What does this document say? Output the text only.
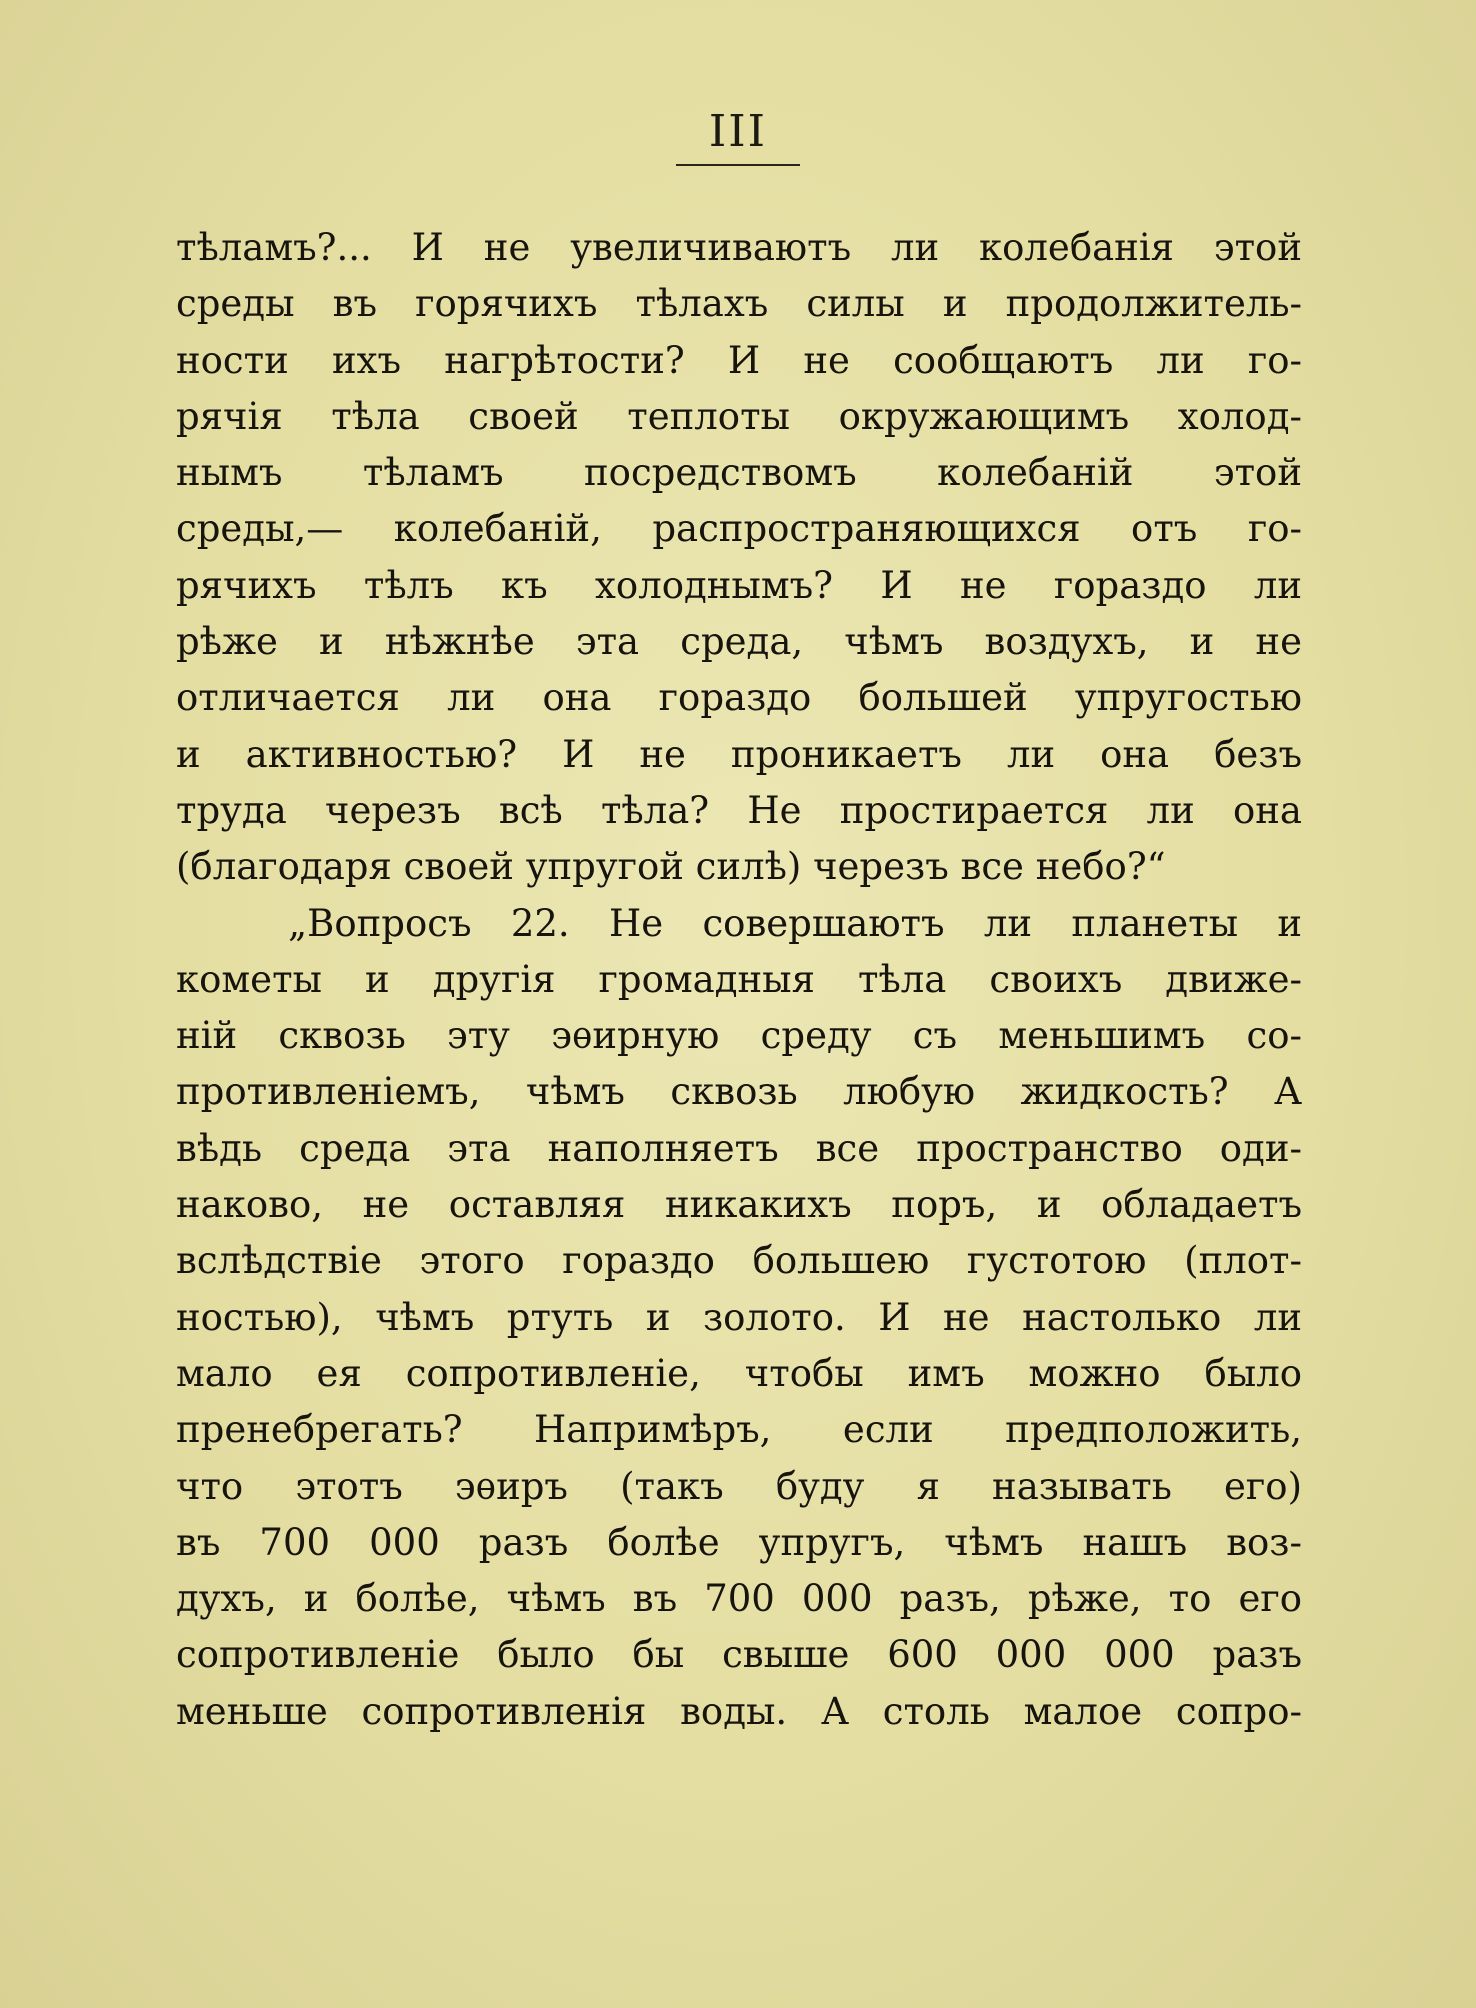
III
тѣламъ?... И не увеличиваютъ ли колебанія этой
среды въ горячихъ тѣлахъ силы и продолжитель-
ности ихъ нагрѣтости? И не сообщаютъ ли го-
рячія тѣла своей теплоты окружающимъ холод-
нымъ тѣламъ посредствомъ колебаній этой
среды,— колебаній, распространяющихся отъ го-
рячихъ тѣлъ къ холоднымъ? И не гораздо ли
рѣже и нѣжнѣе эта среда, чѣмъ воздухъ, и не
отличается ли она гораздо большей упругостью
и активностью? И не проникаетъ ли она безъ
труда черезъ всѣ тѣла? Не простирается ли она
(благодаря своей упругой силѣ) черезъ все небо?“
„Вопросъ 22. Не совершаютъ ли планеты и
кометы и другія громадныя тѣла своихъ движе-
ній сквозь эту эѳирную среду съ меньшимъ со-
противленіемъ, чѣмъ сквозь любую жидкость? А
вѣдь среда эта наполняетъ все пространство оди-
наково, не оставляя никакихъ поръ, и обладаетъ
вслѣдствіе этого гораздо большею густотою (плот-
ностью), чѣмъ ртуть и золото. И не настолько ли
мало ея сопротивленіе, чтобы имъ можно было
пренебрегать? Напримѣръ, если предположить,
что этотъ эѳиръ (такъ буду я называть его)
въ 700 000 разъ болѣе упругъ, чѣмъ нашъ воз-
духъ, и болѣе, чѣмъ въ 700 000 разъ, рѣже, то его
сопротивленіе было бы свыше 600 000 000 разъ
меньше сопротивленія воды. А столь малое сопро-
